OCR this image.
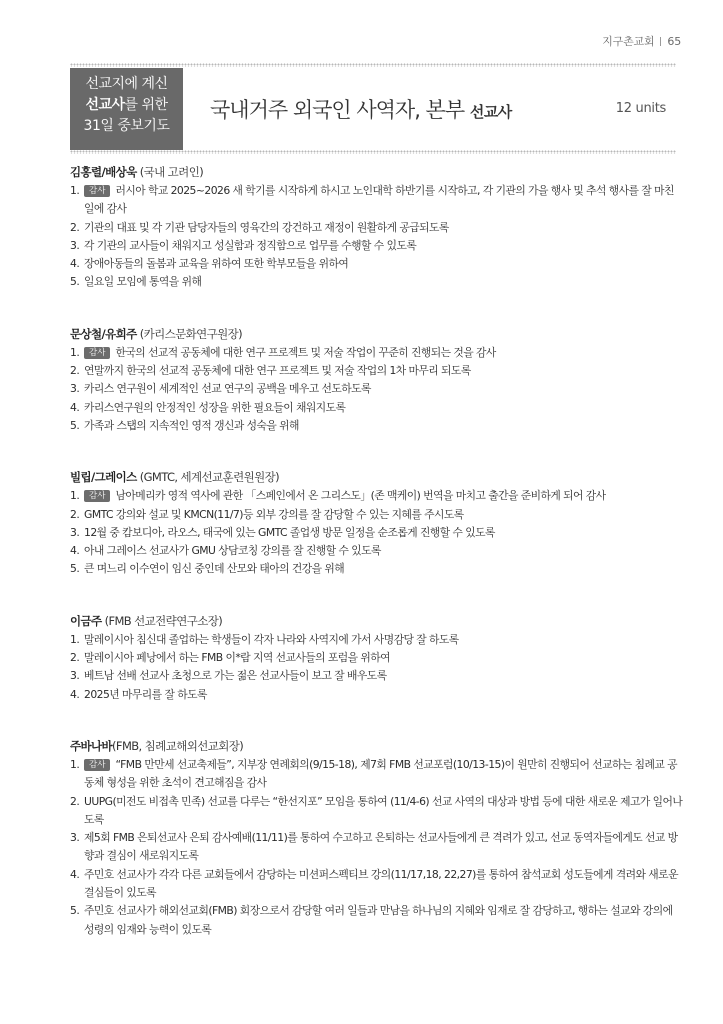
지구촌교회 65
선교지에 계신
선교사를 위한
31일 중보기도
국내거주 외국인 사역자, 본부 선교사	12 units
김홍렬/배상욱 (국내 고려인)
1. 감사 러시아 학교 2025~2026 새 학기를 시작하게 하시고 노인대학 하반기를 시작하고, 각 기관의 가을 행사 및 추석 행사를 잘 마친 일에 감사
2. 기관의 대표 및 각 기관 담당자들의 영육간의 강건하고 재정이 원활하게 공급되도록
3. 각 기관의 교사들이 채워지고 성실함과 정직함으로 업무를 수행할 수 있도록
4. 장애아동들의 돌봄과 교육을 위하여 또한 학부모들을 위하여
5. 일요일 모임에 통역을 위해
문상철/유희주 (카리스문화연구원장)
1. 감사 한국의 선교적 공동체에 대한 연구 프로젝트 및 저술 작업이 꾸준히 진행되는 것을 감사
2. 연말까지 한국의 선교적 공동체에 대한 연구 프로젝트 및 저술 작업의 1차 마무리 되도록
3. 카리스 연구원이 세계적인 선교 연구의 공백을 메우고 선도하도록
4. 카리스연구원의 안정적인 성장을 위한 필요들이 채워지도록
5. 가족과 스탭의 지속적인 영적 갱신과 성숙을 위해
빌립/그레이스 (GMTC, 세계선교훈련원원장)
1. 감사 남아메리카 영적 역사에 관한 「스페인에서 온 그리스도」(존 맥케이) 번역을 마치고 출간을 준비하게 되어 감사
2. GMTC 강의와 설교 및 KMCN(11/7)등 외부 강의를 잘 감당할 수 있는 지혜를 주시도록
3. 12월 중 캄보디아, 라오스, 태국에 있는 GMTC 졸업생 방문 일정을 순조롭게 진행할 수 있도록
4. 아내 그레이스 선교사가 GMU 상담코칭 강의를 잘 진행할 수 있도록
5. 큰 며느리 이수연이 임신 중인데 산모와 태아의 건강을 위해
이금주 (FMB 선교전략연구소장)
1. 말레이시아 침신대 졸업하는 학생들이 각자 나라와 사역지에 가서 사명감당 잘 하도록
2. 말레이시아 페낭에서 하는 FMB 이*람 지역 선교사들의 포럼을 위하여
3. 베트남 선배 선교사 초청으로 가는 젊은 선교사들이 보고 잘 배우도록
4. 2025년 마무리를 잘 하도록
주바나바(FMB, 침례교해외선교회장)
1. 감사 “FMB 만만세 선교축제들”, 지부장 연례회의(9/15-18), 제7회 FMB 선교포럼(10/13-15)이 원만히 진행되어 선교하는 침례교 공동체 형성을 위한 초석이 견고해짐을 감사
2. UUPG(미전도 비접촉 민족) 선교를 다루는 “한선지포” 모임을 통하여 (11/4-6) 선교 사역의 대상과 방법 등에 대한 새로운 제고가 일어나도록
3. 제5회 FMB 은퇴선교사 은퇴 감사예배(11/11)를 통하여 수고하고 은퇴하는 선교사들에게 큰 격려가 있고, 선교 동역자들에게도 선교 방향과 결심이 새로워지도록
4. 주민호 선교사가 각각 다른 교회들에서 감당하는 미션퍼스펙티브 강의(11/17,18, 22,27)를 통하여 참석교회 성도들에게 격려와 새로운 결심들이 있도록
5. 주민호 선교사가 해외선교회(FMB) 회장으로서 감당할 여러 일들과 만남을 하나님의 지혜와 임재로 잘 감당하고, 행하는 설교와 강의에 성령의 임재와 능력이 있도록
